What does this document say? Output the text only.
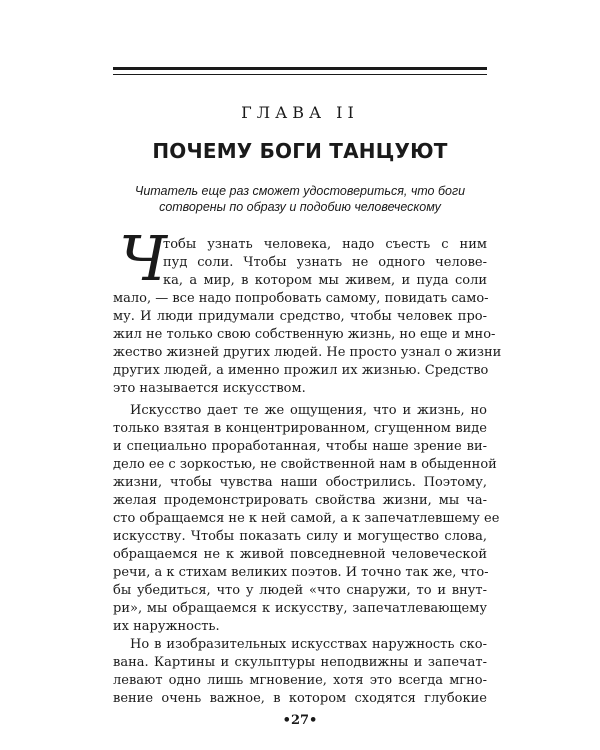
ГЛАВА II
ПОЧЕМУ БОГИ ТАНЦУЮТ
Читатель еще раз сможет удостовериться, что боги
сотворены по образу и подобию человеческому
Ч
тобы узнать человека, надо съесть с ним
пуд соли. Чтобы узнать не одного челове-
ка, а мир, в котором мы живем, и пуда соли
мало, — все надо попробовать самому, повидать само-
му. И люди придумали средство, чтобы человек про-
жил не только свою собственную жизнь, но еще и мно-
жество жизней других людей. Не просто узнал о жизни
других людей, а именно прожил их жизнью. Средство
это называется искусством.
Искусство дает те же ощущения, что и жизнь, но
только взятая в концентрированном, сгущенном виде
и специально проработанная, чтобы наше зрение ви-
дело ее с зоркостью, не свойственной нам в обыденной
жизни, чтобы чувства наши обострились. Поэтому,
желая продемонстрировать свойства жизни, мы ча-
сто обращаемся не к ней самой, а к запечатлевшему ее
искусству. Чтобы показать силу и могущество слова,
обращаемся не к живой повседневной человеческой
речи, а к стихам великих поэтов. И точно так же, что-
бы убедиться, что у людей «что снаружи, то и внут-
ри», мы обращаемся к искусству, запечатлевающему
их наружность.
Но в изобразительных искусствах наружность ско-
вана. Картины и скульптуры неподвижны и запечат-
левают одно лишь мгновение, хотя это всегда мгно-
вение очень важное, в котором сходятся глубокие
•27•
